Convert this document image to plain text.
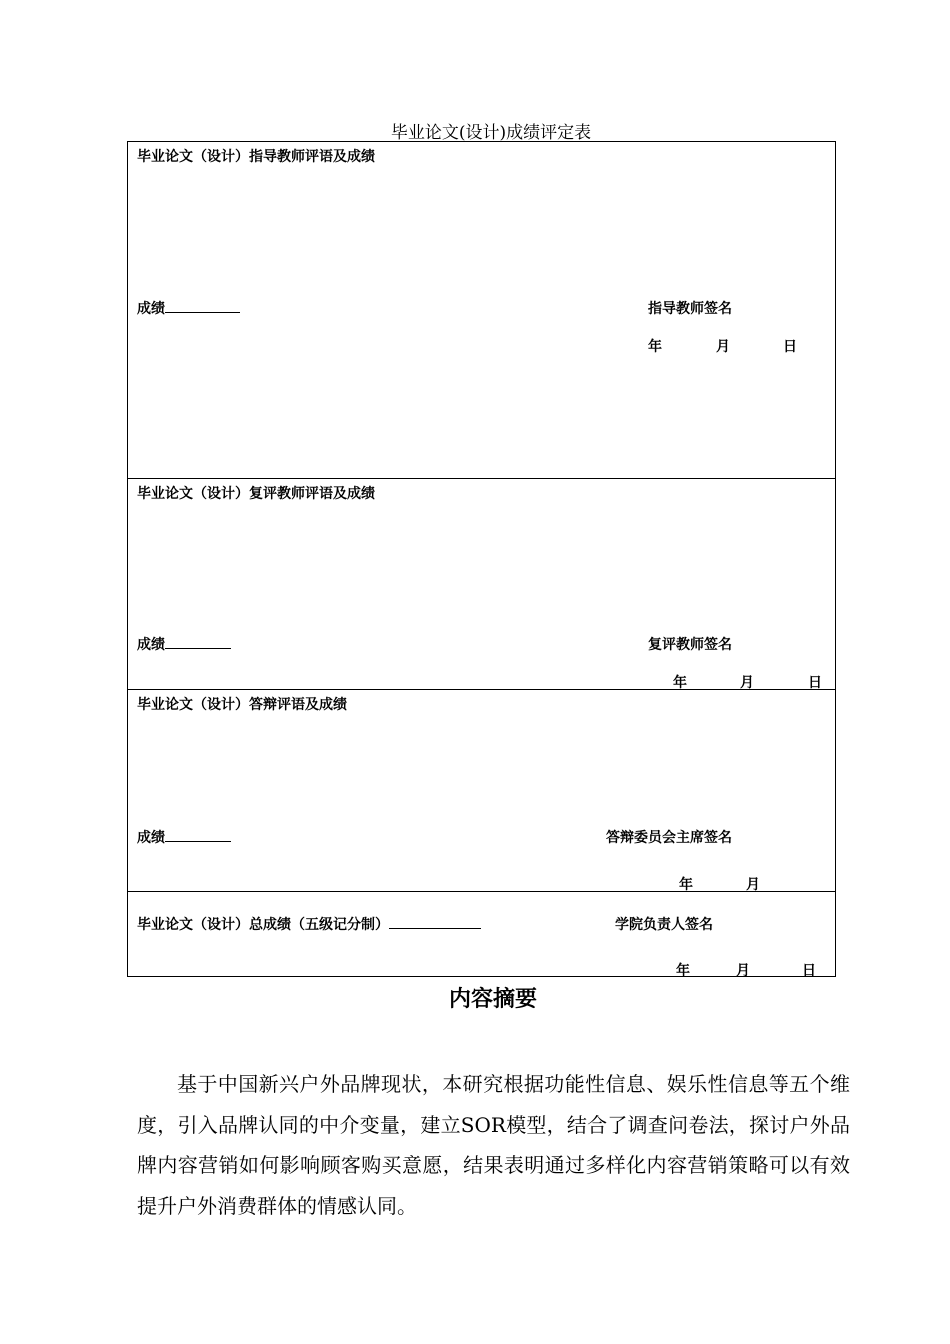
毕业论文(设计)成绩评定表
毕业论文（设计）指导教师评语及成绩
成绩	指导教师签名
年	月	日
毕业论文（设计）复评教师评语及成绩
成绩	复评教师签名
年	月	日
毕业论文（设计）答辩评语及成绩
成绩	答辩委员会主席签名
年	月
毕业论文（设计）总成绩（五级记分制）	学院负责人签名
年	月	日
内容摘要
基于中国新兴户外品牌现状，本研究根据功能性信息、娱乐性信息等五个维度，引入品牌认同的中介变量，建立SOR模型，结合了调查问卷法，探讨户外品牌内容营销如何影响顾客购买意愿，结果表明通过多样化内容营销策略可以有效提升户外消费群体的情感认同。
